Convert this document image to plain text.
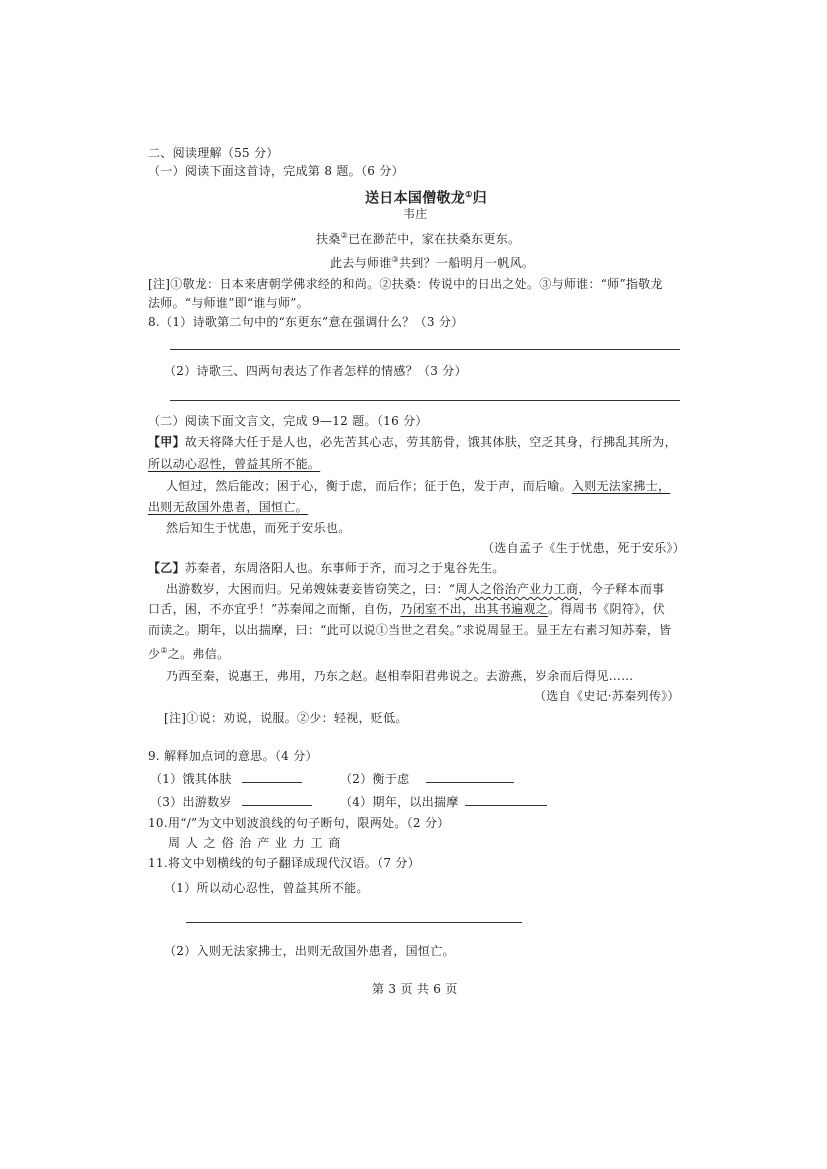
二、阅读理解（55 分）
（一）阅读下面这首诗，完成第 8 题。（6 分）
送日本国僧敬龙①归
韦庄
扶桑②已在渺茫中，家在扶桑东更东。
此去与师谁③共到？一船明月一帆风。
[注]①敬龙：日本来唐朝学佛求经的和尚。②扶桑：传说中的日出之处。③与师谁：“师”指敬龙
法师。“与师谁”即“谁与师”。
8.（1）诗歌第二句中的“东更东”意在强调什么？（3 分）
（2）诗歌三、四两句表达了作者怎样的情感？（3 分）
（二）阅读下面文言文，完成 9—12 题。（16 分）
【甲】故天将降大任于是人也，必先苦其心志，劳其筋骨，饿其体肤，空乏其身，行拂乱其所为，
所以动心忍性，曾益其所不能。
人恒过，然后能改；困于心，衡于虑，而后作；征于色，发于声，而后喻。入则无法家拂士，
出则无敌国外患者，国恒亡。
然后知生于忧患，而死于安乐也。
（选自孟子《生于忧患，死于安乐》）
【乙】苏秦者，东周洛阳人也。东事师于齐，而习之于鬼谷先生。
出游数岁，大困而归。兄弟嫂妹妻妾皆窃笑之，曰：“周人之俗治产业力工商，今子释本而事
口舌，困，不亦宜乎！”苏秦闻之而惭，自伤，乃闭室不出，出其书遍观之。得周书《阴符》，伏
而读之。期年，以出揣摩，曰：“此可以说①当世之君矣。”求说周显王。显王左右素习知苏秦，皆
少②之。弗信。
乃西至秦，说惠王，弗用，乃东之赵。赵相奉阳君弗说之。去游燕，岁余而后得见……
（选自《史记·苏秦列传》）
[注]①说：劝说，说服。②少：轻视，贬低。
9. 解释加点词的意思。（4 分）
（1）饿其体肤	（2）衡于虑
（3）出游数岁	（4）期年，以出揣摩
10.用“/”为文中划波浪线的句子断句，限两处。（2 分）
周 人 之 俗 治 产 业 力 工 商
11.将文中划横线的句子翻译成现代汉语。（7 分）
（1）所以动心忍性，曾益其所不能。
（2）入则无法家拂士，出则无敌国外患者，国恒亡。
第 3 页 共 6 页
